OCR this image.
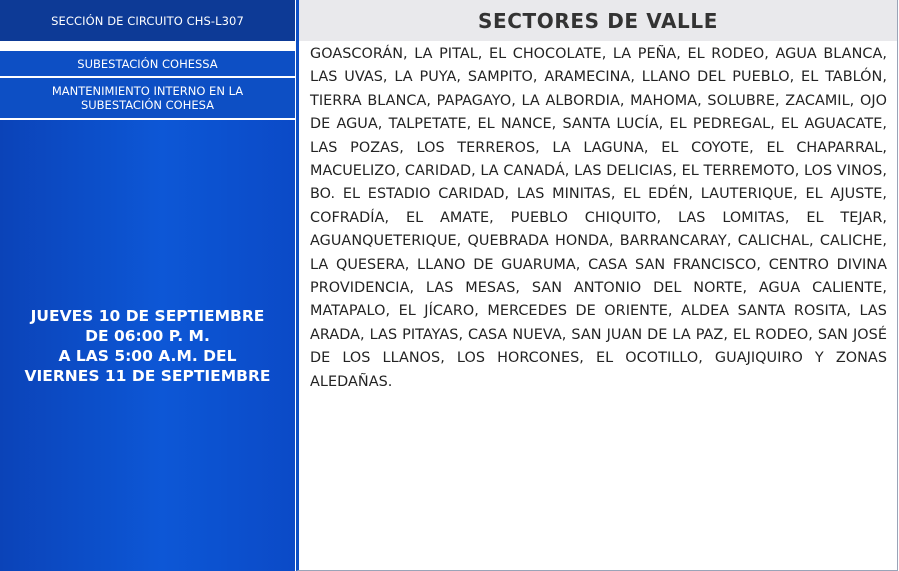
SECCIÓN DE CIRCUITO CHS-L307
SUBESTACIÓN COHESSA
MANTENIMIENTO INTERNO EN LA SUBESTACIÓN COHESA
JUEVES 10 DE SEPTIEMBRE
DE 06:00 P. M.
A LAS 5:00 A.M. DEL
VIERNES 11 DE SEPTIEMBRE
SECTORES DE VALLE
GOASCORÁN, LA PITAL, EL CHOCOLATE, LA PEÑA, EL RODEO, AGUA BLANCA, LAS UVAS, LA PUYA, SAMPITO, ARAMECINA, LLANO DEL PUEBLO, EL TABLÓN, TIERRA BLANCA, PAPAGAYO, LA ALBORDIA, MAHOMA, SOLUBRE, ZACAMIL, OJO DE AGUA, TALPETATE, EL NANCE, SANTA LUCÍA, EL PEDREGAL, EL AGUACATE, LAS POZAS, LOS TERREROS, LA LAGUNA, EL COYOTE, EL CHAPARRAL, MACUELIZO, CARIDAD, LA CANADÁ, LAS DELICIAS, EL TERREMOTO, LOS VINOS, BO. EL ESTADIO CARIDAD, LAS MINITAS, EL EDÉN, LAUTERIQUE, EL AJUSTE, COFRADÍA, EL AMATE, PUEBLO CHIQUITO, LAS LOMITAS, EL TEJAR, AGUANQUETERIQUE, QUEBRADA HONDA, BARRANCARAY, CALICHAL, CALICHE, LA QUESERA, LLANO DE GUARUMA, CASA SAN FRANCISCO, CENTRO DIVINA PROVIDENCIA, LAS MESAS, SAN ANTONIO DEL NORTE, AGUA CALIENTE, MATAPALO, EL JÍCARO, MERCEDES DE ORIENTE, ALDEA SANTA ROSITA, LAS ARADA, LAS PITAYAS, CASA NUEVA, SAN JUAN DE LA PAZ, EL RODEO, SAN JOSÉ DE LOS LLANOS, LOS HORCONES, EL OCOTILLO, GUAJIQUIRO Y ZONAS ALEDAÑAS.
